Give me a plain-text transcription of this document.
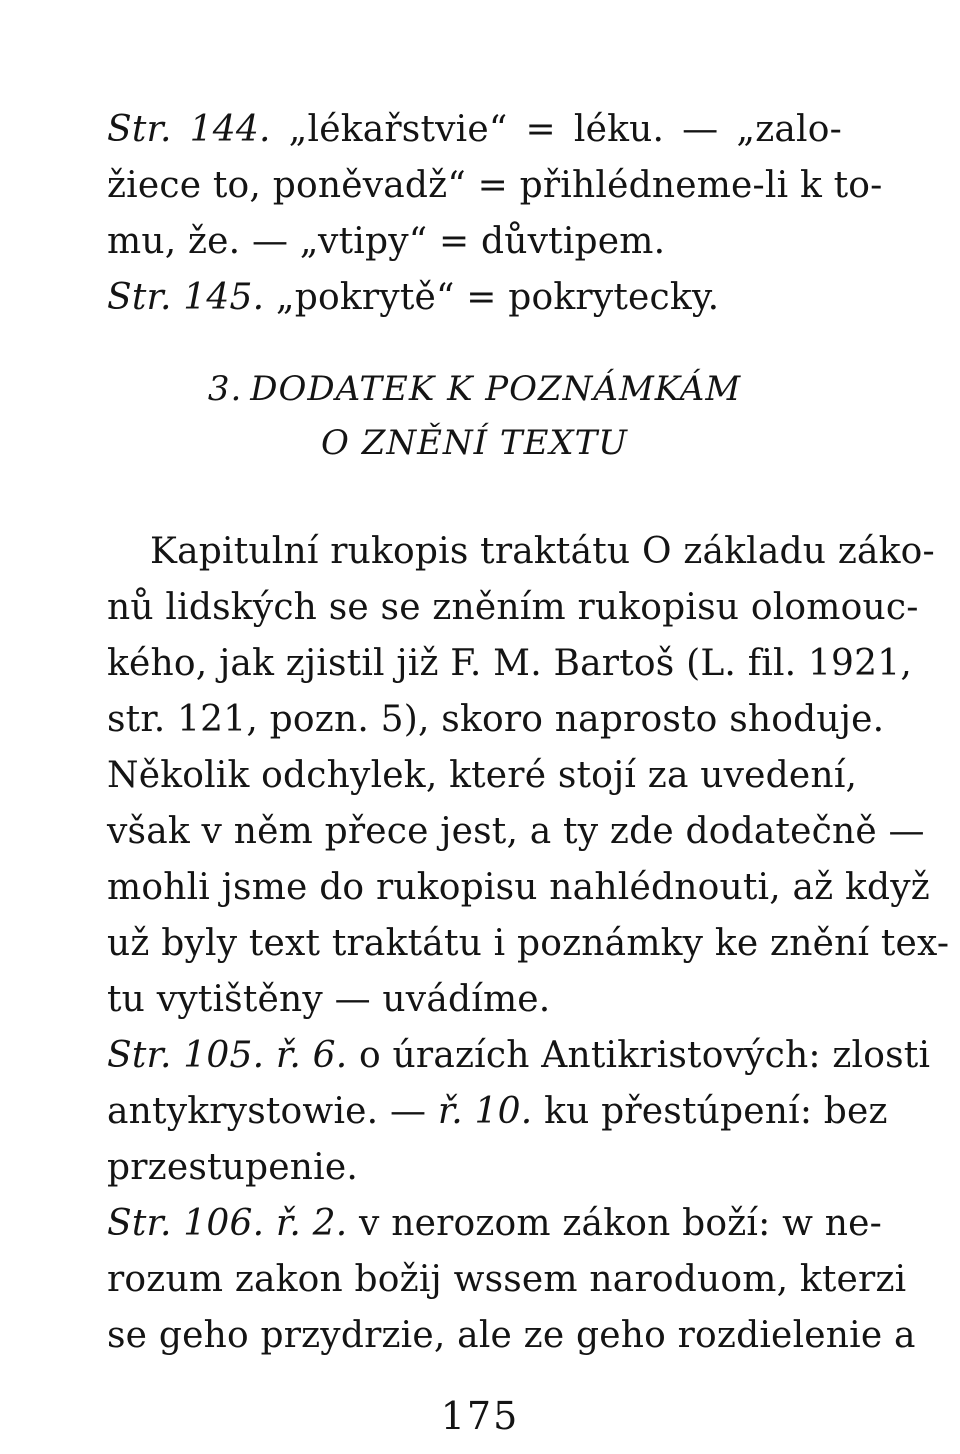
Str. 144. „lékařstvie“ = léku. — „zalo-
žiece to, poněvadž“ = přihlédneme-li k to-
mu, že. — „vtipy“ = důvtipem.
Str. 145. „pokrytě“ = pokrytecky.
3. DODATEK K POZNÁMKÁM
O ZNĚNÍ TEXTU
Kapitulní rukopis traktátu O základu záko-
nů lidských se se zněním rukopisu olomouc-
kého, jak zjistil již F. M. Bartoš (L. fil. 1921,
str. 121, pozn. 5), skoro naprosto shoduje.
Několik odchylek, které stojí za uvedení,
však v něm přece jest, a ty zde dodatečně —
mohli jsme do rukopisu nahlédnouti, až když
už byly text traktátu i poznámky ke znění tex-
tu vytištěny — uvádíme.
Str. 105. ř. 6. o úrazích Antikristových: zlosti
antykrystowie. — ř. 10. ku přestúpení: bez
przestupenie.
Str. 106. ř. 2. v nerozom zákon boží: w ne-
rozum zakon božij wssem naroduom, kterzi
se geho przydrzie, ale ze geho rozdielenie a
175
